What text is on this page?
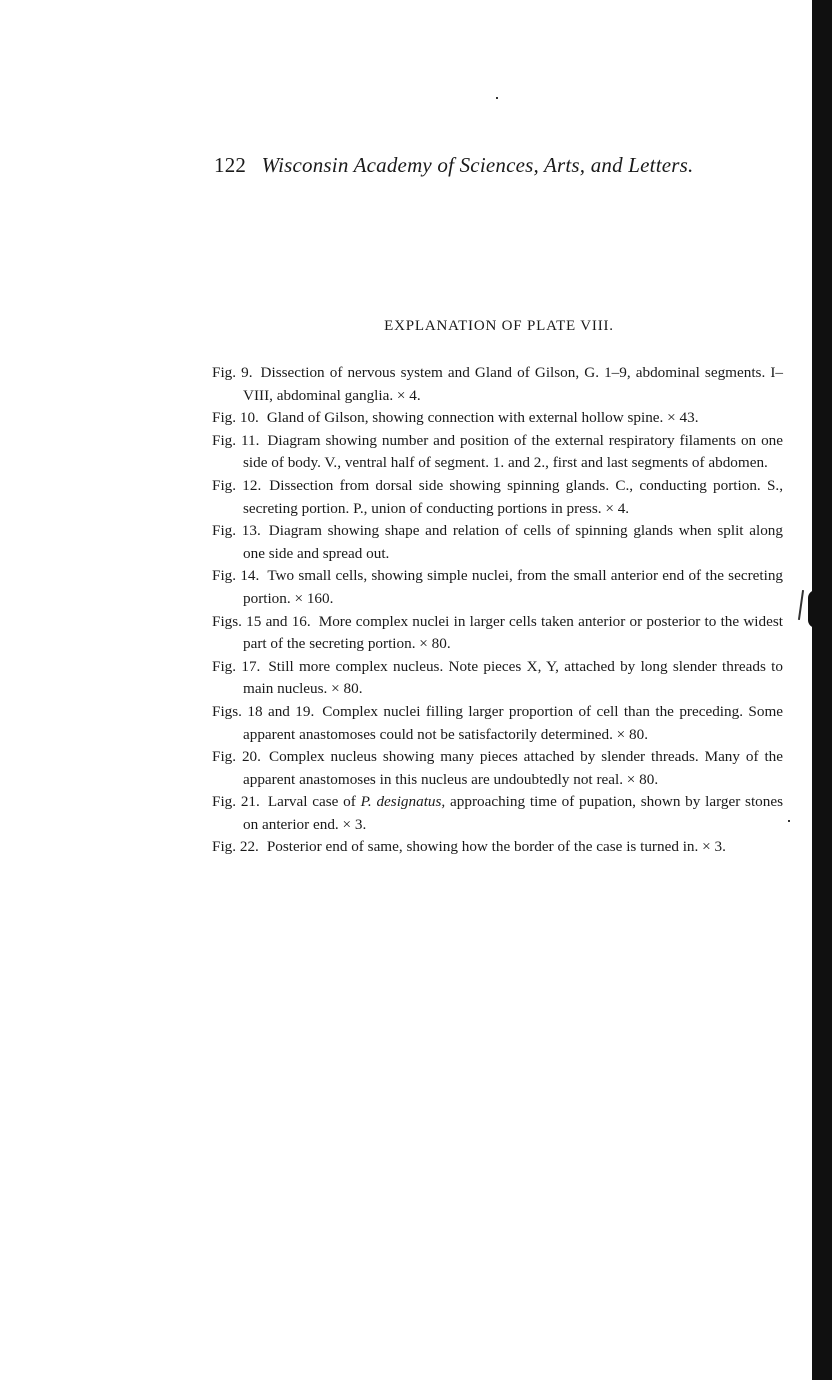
122 Wisconsin Academy of Sciences, Arts, and Letters.
EXPLANATION OF PLATE VIII.
Fig. 9. Dissection of nervous system and Gland of Gilson, G. 1–9, abdominal segments. I–VIII, abdominal ganglia. × 4.
Fig. 10. Gland of Gilson, showing connection with external hollow spine. × 43.
Fig. 11. Diagram showing number and position of the external respiratory filaments on one side of body. V., ventral half of segment. 1. and 2., first and last segments of abdomen.
Fig. 12. Dissection from dorsal side showing spinning glands. C., conducting portion. S., secreting portion. P., union of conducting portions in press. × 4.
Fig. 13. Diagram showing shape and relation of cells of spinning glands when split along one side and spread out.
Fig. 14. Two small cells, showing simple nuclei, from the small anterior end of the secreting portion. × 160.
Figs. 15 and 16. More complex nuclei in larger cells taken anterior or posterior to the widest part of the secreting portion. × 80.
Fig. 17. Still more complex nucleus. Note pieces X, Y, attached by long slender threads to main nucleus. × 80.
Figs. 18 and 19. Complex nuclei filling larger proportion of cell than the preceding. Some apparent anastomoses could not be satisfactorily determined. × 80.
Fig. 20. Complex nucleus showing many pieces attached by slender threads. Many of the apparent anastomoses in this nucleus are undoubtedly not real. × 80.
Fig. 21. Larval case of P. designatus, approaching time of pupation, shown by larger stones on anterior end. × 3.
Fig. 22. Posterior end of same, showing how the border of the case is turned in. × 3.
